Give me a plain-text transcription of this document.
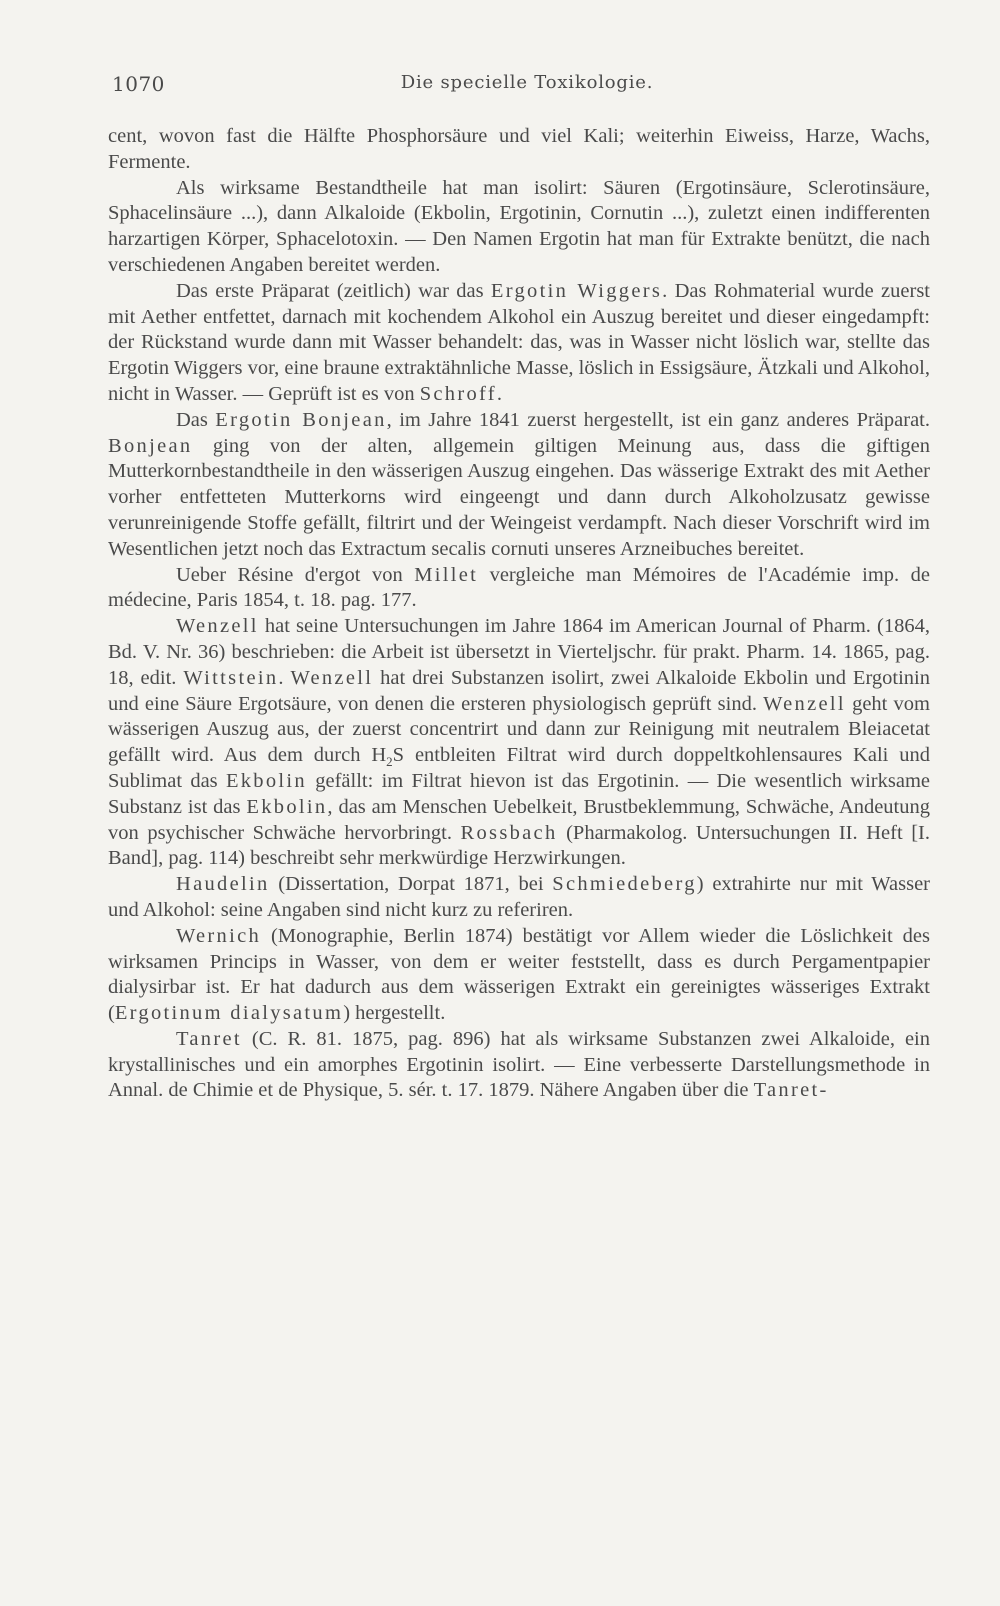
1070	Die specielle Toxikologie.

cent, wovon fast die Hälfte Phosphorsäure und viel Kali; weiterhin Eiweiss, Harze, Wachs, Fermente.

Als wirksame Bestandtheile hat man isolirt: Säuren (Ergotinsäure, Sclerotinsäure, Sphacelinsäure ...), dann Alkaloide (Ekbolin, Ergotinin, Cornutin ...), zuletzt einen indifferenten harzartigen Körper, Sphacelotoxin. — Den Namen Ergotin hat man für Extrakte benützt, die nach verschiedenen Angaben bereitet werden.

Das erste Präparat (zeitlich) war das Ergotin Wiggers. Das Rohmaterial wurde zuerst mit Aether entfettet, darnach mit kochendem Alkohol ein Auszug bereitet und dieser eingedampft: der Rückstand wurde dann mit Wasser behandelt: das, was in Wasser nicht löslich war, stellte das Ergotin Wiggers vor, eine braune extraktähnliche Masse, löslich in Essigsäure, Ätzkali und Alkohol, nicht in Wasser. — Geprüft ist es von Schroff.

Das Ergotin Bonjean, im Jahre 1841 zuerst hergestellt, ist ein ganz anderes Präparat. Bonjean ging von der alten, allgemein giltigen Meinung aus, dass die giftigen Mutterkornbestandtheile in den wässerigen Auszug eingehen. Das wässerige Extrakt des mit Aether vorher entfetteten Mutterkorns wird eingeengt und dann durch Alkoholzusatz gewisse verunreinigende Stoffe gefällt, filtrirt und der Weingeist verdampft. Nach dieser Vorschrift wird im Wesentlichen jetzt noch das Extractum secalis cornuti unseres Arzneibuches bereitet.

Ueber Résine d'ergot von Millet vergleiche man Mémoires de l'Académie imp. de médecine, Paris 1854, t. 18. pag. 177.

Wenzell hat seine Untersuchungen im Jahre 1864 im American Journal of Pharm. (1864, Bd. V. Nr. 36) beschrieben: die Arbeit ist übersetzt in Vierteljschr. für prakt. Pharm. 14. 1865, pag. 18, edit. Wittstein. Wenzell hat drei Substanzen isolirt, zwei Alkaloide Ekbolin und Ergotinin und eine Säure Ergotsäure, von denen die ersteren physiologisch geprüft sind. Wenzell geht vom wässerigen Auszug aus, der zuerst concentrirt und dann zur Reinigung mit neutralem Bleiacetat gefällt wird. Aus dem durch $H_2S$ entbleiten Filtrat wird durch doppeltkohlensaures Kali und Sublimat das Ekbolin gefällt: im Filtrat hievon ist das Ergotinin. — Die wesentlich wirksame Substanz ist das Ekbolin, das am Menschen Uebelkeit, Brustbeklemmung, Schwäche, Andeutung von psychischer Schwäche hervorbringt. Rossbach (Pharmakolog. Untersuchungen II. Heft [I. Band], pag. 114) beschreibt sehr merkwürdige Herzwirkungen.

Haudelin (Dissertation, Dorpat 1871, bei Schmiedeberg) extrahirte nur mit Wasser und Alkohol: seine Angaben sind nicht kurz zu referiren.

Wernich (Monographie, Berlin 1874) bestätigt vor Allem wieder die Löslichkeit des wirksamen Princips in Wasser, von dem er weiter feststellt, dass es durch Pergamentpapier dialysirbar ist. Er hat dadurch aus dem wässerigen Extrakt ein gereinigtes wässeriges Extrakt (Ergotinum dialysatum) hergestellt.

Tanret (C. R. 81. 1875, pag. 896) hat als wirksame Substanzen zwei Alkaloide, ein krystallinisches und ein amorphes Ergotinin isolirt. — Eine verbesserte Darstellungsmethode in Annal. de Chimie et de Physique, 5. sér. t. 17. 1879. Nähere Angaben über die Tanret-
